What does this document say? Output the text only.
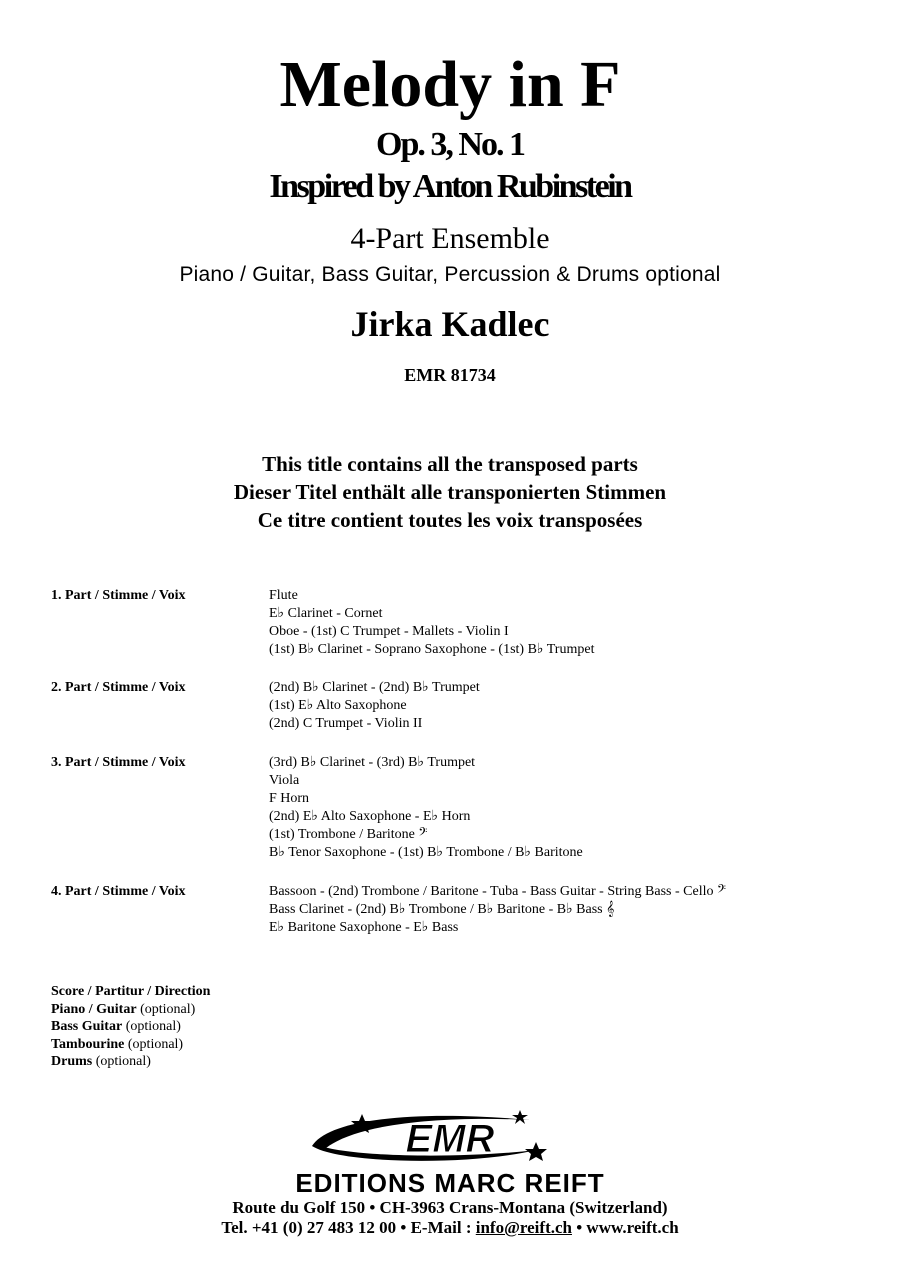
Melody in F
Op. 3, No. 1
Inspired by Anton Rubinstein
4-Part Ensemble
Piano / Guitar, Bass Guitar, Percussion & Drums optional
Jirka Kadlec
EMR 81734
This title contains all the transposed parts
Dieser Titel enthält alle transponierten Stimmen
Ce titre contient toutes les voix transposées
1. Part / Stimme / Voix	Flute
E♭ Clarinet - Cornet
Oboe - (1st) C Trumpet - Mallets - Violin I
(1st) B♭ Clarinet - Soprano Saxophone - (1st) B♭ Trumpet
2. Part / Stimme / Voix	(2nd) B♭ Clarinet - (2nd) B♭ Trumpet
(1st) E♭ Alto Saxophone
(2nd) C Trumpet - Violin II
3. Part / Stimme / Voix	(3rd) B♭ Clarinet - (3rd) B♭ Trumpet
Viola
F Horn
(2nd) E♭ Alto Saxophone - E♭ Horn
(1st) Trombone / Baritone 𝄢
B♭ Tenor Saxophone - (1st) B♭ Trombone / B♭ Baritone
4. Part / Stimme / Voix	Bassoon - (2nd) Trombone / Baritone - Tuba - Bass Guitar - String Bass - Cello 𝄢
Bass Clarinet - (2nd) B♭ Trombone / B♭ Baritone - B♭ Bass 𝄞
E♭ Baritone Saxophone - E♭ Bass
Score / Partitur / Direction
Piano / Guitar (optional)
Bass Guitar (optional)
Tambourine (optional)
Drums (optional)
EMR
EDITIONS MARC REIFT
Route du Golf 150 • CH-3963 Crans-Montana (Switzerland)
Tel. +41 (0) 27 483 12 00 • E-Mail : info@reift.ch • www.reift.ch
